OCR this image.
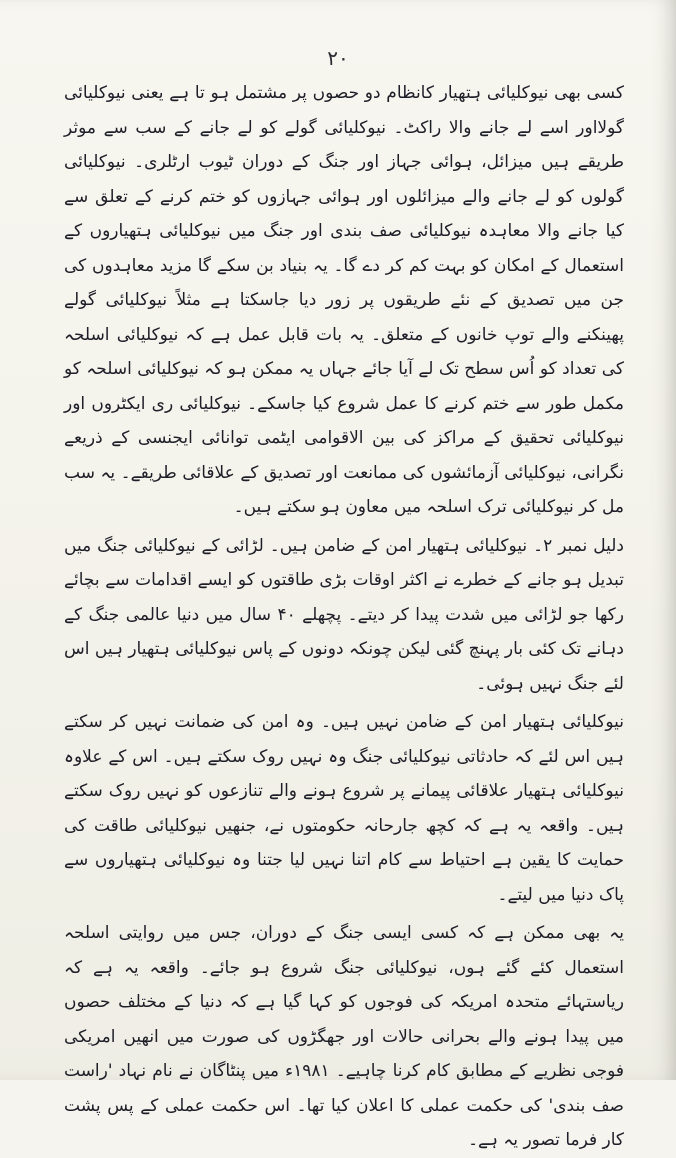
۲۰

کسی بھی نیوکلیائی ہتھیار کانظام دو حصوں پر مشتمل ہو تا ہے یعنی نیوکلیائی گولااور اسے لے جانے والا راکٹ۔ نیوکلیائی گولے کو لے جانے کے سب سے موثر طریقے ہیں میزائل، ہوائی جہاز اور جنگ کے دوران ٹیوب ارٹلری۔ نیوکلیائی گولوں کو لے جانے والے میزائلوں اور ہوائی جہازوں کو ختم کرنے کے تعلق سے کیا جانے والا معاہدہ نیوکلیائی صف بندی اور جنگ میں نیوکلیائی ہتھیاروں کے استعمال کے امکان کو بہت کم کر دے گا۔ یہ بنیاد بن سکے گا مزید معاہدوں کی جن میں تصدیق کے نئے طریقوں پر زور دیا جاسکتا ہے مثلاً نیوکلیائی گولے پھینکنے والے توپ خانوں کے متعلق۔ یہ بات قابل عمل ہے کہ نیوکلیائی اسلحہ کی تعداد کو اُس سطح تک لے آیا جائے جہاں یہ ممکن ہو کہ نیوکلیائی اسلحہ کو مکمل طور سے ختم کرنے کا عمل شروع کیا جاسکے۔ نیوکلیائی ری ایکٹروں اور نیوکلیائی تحقیق کے مراکز کی بین الاقوامی ایٹمی توانائی ایجنسی کے ذریعے نگرانی، نیوکلیائی آزمائشوں کی ممانعت اور تصدیق کے علاقائی طریقے۔ یہ سب مل کر نیوکلیائی ترک اسلحہ میں معاون ہو سکتے ہیں۔

دلیل نمبر ۲۔ نیوکلیائی ہتھیار امن کے ضامن ہیں۔ لڑائی کے نیوکلیائی جنگ میں تبدیل ہو جانے کے خطرے نے اکثر اوقات بڑی طاقتوں کو ایسے اقدامات سے بچائے رکھا جو لڑائی میں شدت پیدا کر دیتے۔ پچھلے ۴۰ سال میں دنیا عالمی جنگ کے دہانے تک کئی بار پہنچ گئی لیکن چونکہ دونوں کے پاس نیوکلیائی ہتھیار ہیں اس لئے جنگ نہیں ہوئی۔

نیوکلیائی ہتھیار امن کے ضامن نہیں ہیں۔ وہ امن کی ضمانت نہیں کر سکتے ہیں اس لئے کہ حادثاتی نیوکلیائی جنگ وہ نہیں روک سکتے ہیں۔ اس کے علاوہ نیوکلیائی ہتھیار علاقائی پیمانے پر شروع ہونے والے تنازعوں کو نہیں روک سکتے ہیں۔ واقعہ یہ ہے کہ کچھ جارحانہ حکومتوں نے، جنھیں نیوکلیائی طاقت کی حمایت کا یقین ہے احتیاط سے کام اتنا نہیں لیا جتنا وہ نیوکلیائی ہتھیاروں سے پاک دنیا میں لیتے۔

یہ بھی ممکن ہے کہ کسی ایسی جنگ کے دوران، جس میں روایتی اسلحہ استعمال کئے گئے ہوں، نیوکلیائی جنگ شروع ہو جائے۔ واقعہ یہ ہے کہ ریاستہائے متحدہ امریکہ کی فوجوں کو کہا گیا ہے کہ دنیا کے مختلف حصوں میں پیدا ہونے والے بحرانی حالات اور جھگڑوں کی صورت میں انھیں امریکی فوجی نظریے کے مطابق کام کرنا چاہیے۔ ۱۹۸۱ء میں پنٹاگان نے نام نہاد 'راست صف بندی' کی حکمت عملی کا اعلان کیا تھا۔ اس حکمت عملی کے پس پشت کار فرما تصور یہ ہے۔
